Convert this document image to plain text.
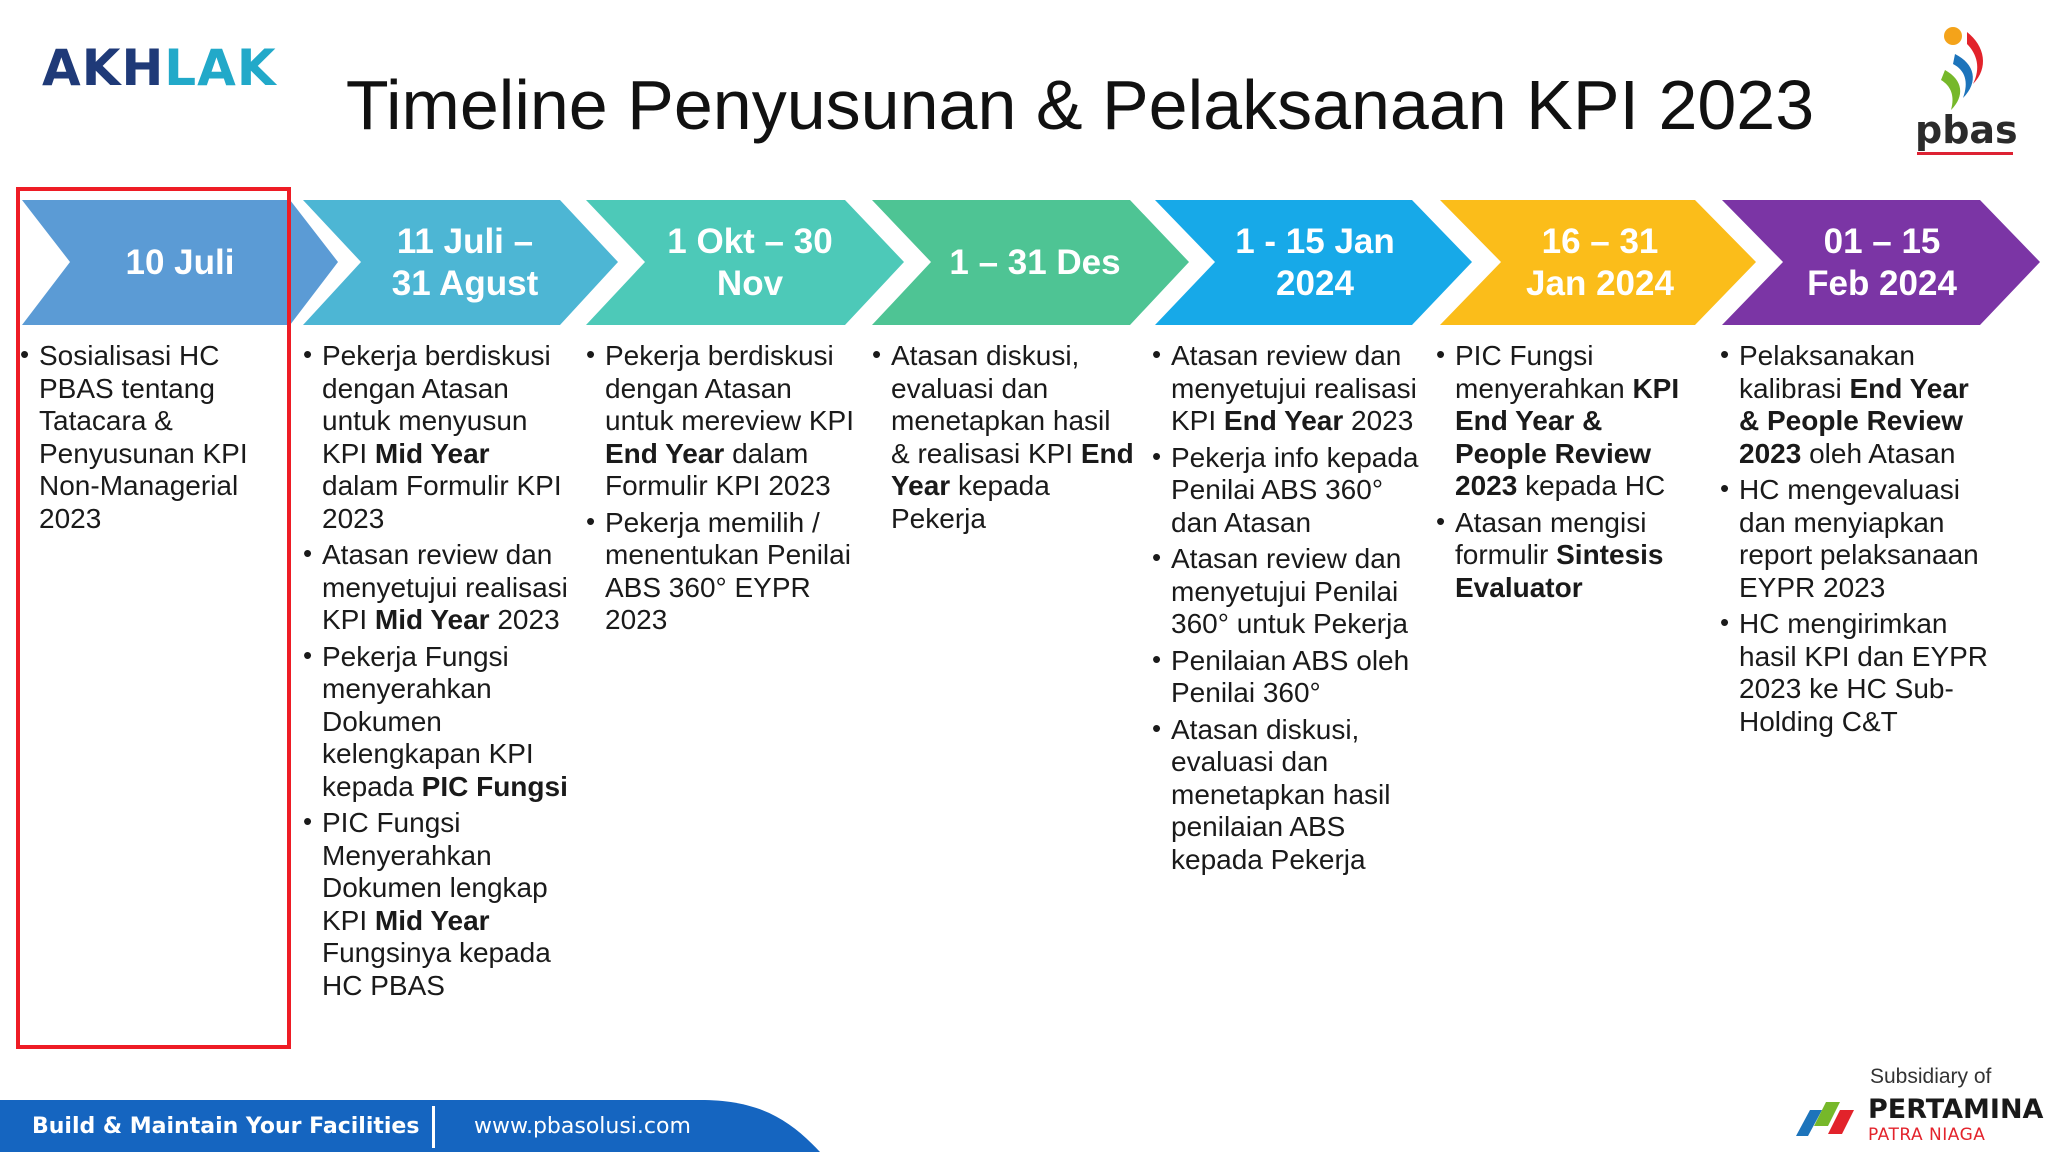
AKHLAK Timeline Penyusunan & Pelaksanaan KPI 2023	pbas
10 Juli
11 Juli –
31 Agust
1 Okt – 30
Nov
1 – 31 Des
1 - 15 Jan
2024
16 – 31
Jan 2024
01 – 15
Feb 2024
• Sosialisasi HC PBAS tentang Tatacara & Penyusunan KPI Non-Managerial 2023
• Pekerja berdiskusi dengan Atasan untuk menyusun KPI Mid Year dalam Formulir KPI 2023
• Atasan review dan menyetujui realisasi KPI Mid Year 2023
• Pekerja Fungsi menyerahkan Dokumen kelengkapan KPI kepada PIC Fungsi
• PIC Fungsi Menyerahkan Dokumen lengkap KPI Mid Year Fungsinya kepada HC PBAS
• Pekerja berdiskusi dengan Atasan untuk mereview KPI End Year dalam Formulir KPI 2023
• Pekerja memilih / menentukan Penilai ABS 360° EYPR 2023
• Atasan diskusi, evaluasi dan menetapkan hasil & realisasi KPI End Year kepada Pekerja
• Atasan review dan menyetujui realisasi KPI End Year 2023
• Pekerja info kepada Penilai ABS 360° dan Atasan
• Atasan review dan menyetujui Penilai 360° untuk Pekerja
• Penilaian ABS oleh Penilai 360°
• Atasan diskusi, evaluasi dan menetapkan hasil penilaian ABS kepada Pekerja
• PIC Fungsi menyerahkan KPI End Year & People Review 2023 kepada HC
• Atasan mengisi formulir Sintesis Evaluator
• Pelaksanakan kalibrasi End Year & People Review 2023 oleh Atasan
• HC mengevaluasi dan menyiapkan report pelaksanaan EYPR 2023
• HC mengirimkan hasil KPI dan EYPR 2023 ke HC Sub-Holding C&T
Build & Maintain Your Facilities www.pbasolusi.com
Subsidiary of
PERTAMINA
PATRA NIAGA
